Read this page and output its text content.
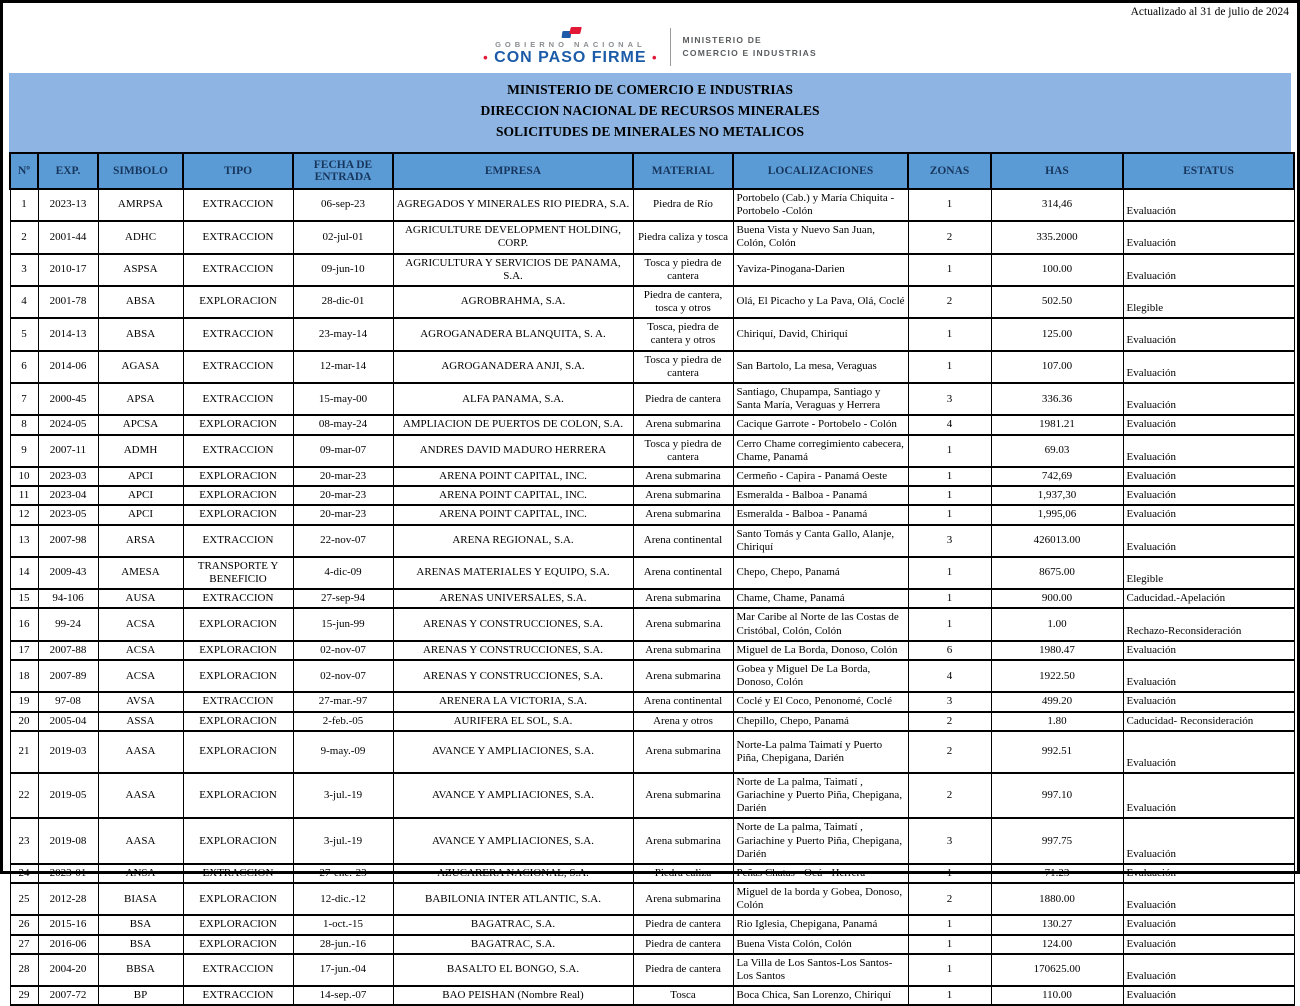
Actualizado al 31 de julio de 2024
GOBIERNO NACIONAL
• CON PASO FIRME •
MINISTERIO DE
COMERCIO E INDUSTRIAS
MINISTERIO DE COMERCIO E INDUSTRIAS
DIRECCION NACIONAL DE RECURSOS MINERALES
SOLICITUDES DE MINERALES NO METALICOS
Nº	EXP.	SIMBOLO	TIPO	FECHA DE ENTRADA	EMPRESA	MATERIAL	LOCALIZACIONES	ZONAS	HAS	ESTATUS
1	2023-13	AMRPSA	EXTRACCION	06-sep-23	AGREGADOS Y MINERALES RIO PIEDRA, S.A.	Piedra de Río	Portobelo (Cab.) y María Chiquita - Portobelo -Colón	1	314,46	Evaluación
2	2001-44	ADHC	EXTRACCION	02-jul-01	AGRICULTURE DEVELOPMENT HOLDING, CORP.	Piedra caliza y tosca	Buena Vista y Nuevo San Juan, Colón, Colón	2	335.2000	Evaluación
3	2010-17	ASPSA	EXTRACCION	09-jun-10	AGRICULTURA Y SERVICIOS DE PANAMA, S.A.	Tosca y piedra de cantera	Yaviza-Pinogana-Darien	1	100.00	Evaluación
4	2001-78	ABSA	EXPLORACION	28-dic-01	AGROBRAHMA, S.A.	Piedra de cantera, tosca y otros	Olá, El Picacho y La Pava, Olá, Coclé	2	502.50	Elegible
5	2014-13	ABSA	EXTRACCION	23-may-14	AGROGANADERA BLANQUITA, S. A.	Tosca, piedra de cantera y otros	Chiriquí, David, Chiriquí	1	125.00	Evaluación
6	2014-06	AGASA	EXTRACCION	12-mar-14	AGROGANADERA ANJI, S.A.	Tosca y piedra de cantera	San Bartolo, La mesa, Veraguas	1	107.00	Evaluación
7	2000-45	APSA	EXTRACCION	15-may-00	ALFA PANAMA, S.A.	Piedra de cantera	Santiago, Chupampa, Santiago y Santa María, Veraguas y Herrera	3	336.36	Evaluación
8	2024-05	APCSA	EXPLORACION	08-may-24	AMPLIACION DE PUERTOS DE COLON, S.A.	Arena submarina	Cacique Garrote - Portobelo - Colón	4	1981.21	Evaluación
9	2007-11	ADMH	EXTRACCION	09-mar-07	ANDRES DAVID MADURO HERRERA	Tosca y piedra de cantera	Cerro Chame corregimiento cabecera, Chame, Panamá	1	69.03	Evaluación
10	2023-03	APCI	EXPLORACION	20-mar-23	ARENA POINT CAPITAL, INC.	Arena submarina	Cermeño - Capira - Panamá Oeste	1	742,69	Evaluación
11	2023-04	APCI	EXPLORACION	20-mar-23	ARENA POINT CAPITAL, INC.	Arena submarina	Esmeralda - Balboa - Panamá	1	1,937,30	Evaluación
12	2023-05	APCI	EXPLORACION	20-mar-23	ARENA POINT CAPITAL, INC.	Arena submarina	Esmeralda - Balboa - Panamá	1	1,995,06	Evaluación
13	2007-98	ARSA	EXTRACCION	22-nov-07	ARENA REGIONAL, S.A.	Arena continental	Santo Tomás y Canta Gallo, Alanje, Chiriquí	3	426013.00	Evaluación
14	2009-43	AMESA	TRANSPORTE Y BENEFICIO	4-dic-09	ARENAS MATERIALES Y EQUIPO, S.A.	Arena continental	Chepo, Chepo, Panamá	1	8675.00	Elegible
15	94-106	AUSA	EXTRACCION	27-sep-94	ARENAS UNIVERSALES, S.A.	Arena submarina	Chame, Chame, Panamá	1	900.00	Caducidad.-Apelación
16	99-24	ACSA	EXPLORACION	15-jun-99	ARENAS Y CONSTRUCCIONES, S.A.	Arena submarina	Mar Caribe al Norte de las Costas de Cristóbal, Colón, Colón	1	1.00	Rechazo-Reconsideración
17	2007-88	ACSA	EXPLORACION	02-nov-07	ARENAS Y CONSTRUCCIONES, S.A.	Arena submarina	Miguel de La Borda, Donoso, Colón	6	1980.47	Evaluación
18	2007-89	ACSA	EXPLORACION	02-nov-07	ARENAS Y CONSTRUCCIONES, S.A.	Arena submarina	Gobea y Miguel De La Borda, Donoso, Colón	4	1922.50	Evaluación
19	97-08	AVSA	EXTRACCION	27-mar.-97	ARENERA LA VICTORIA, S.A.	Arena continental	Coclé y El Coco, Penonomé, Coclé	3	499.20	Evaluación
20	2005-04	ASSA	EXPLORACION	2-feb.-05	AURIFERA EL SOL, S.A.	Arena y otros	Chepillo, Chepo, Panamá	2	1.80	Caducidad- Reconsideración
21	2019-03	AASA	EXPLORACION	9-may.-09	AVANCE Y AMPLIACIONES, S.A.	Arena submarina	Norte-La palma Taimatí y Puerto Piña, Chepigana, Darién	2	992.51	Evaluación
22	2019-05	AASA	EXPLORACION	3-jul.-19	AVANCE Y AMPLIACIONES, S.A.	Arena submarina	Norte de La palma, Taimatí , Gariachine y Puerto Piña, Chepigana, Darién	2	997.10	Evaluación
23	2019-08	AASA	EXPLORACION	3-jul.-19	AVANCE Y AMPLIACIONES, S.A.	Arena submarina	Norte de La palma, Taimatí , Gariachine y Puerto Piña, Chepigana, Darién	3	997.75	Evaluación
24	2023-01	ANSA	EXTRACCION	27-ene.-23	AZUCARERA NACIONAL, S.A.	Piedra caliza	Peñas Chatas - Ocú - Herrera	1	71.23	Evaluación
25	2012-28	BIASA	EXPLORACION	12-dic.-12	BABILONIA INTER ATLANTIC, S.A.	Arena submarina	Miguel de la borda y Gobea, Donoso, Colón	2	1880.00	Evaluación
26	2015-16	BSA	EXPLORACION	1-oct.-15	BAGATRAC, S.A.	Piedra de cantera	Rio Iglesia, Chepigana, Panamá	1	130.27	Evaluación
27	2016-06	BSA	EXPLORACION	28-jun.-16	BAGATRAC, S.A.	Piedra de cantera	Buena Vista Colón, Colón	1	124.00	Evaluación
28	2004-20	BBSA	EXTRACCION	17-jun.-04	BASALTO EL BONGO, S.A.	Piedra de cantera	La Villa de Los Santos-Los Santos-Los Santos	1	170625.00	Evaluación
29	2007-72	BP	EXTRACCION	14-sep.-07	BAO PEISHAN (Nombre Real)	Tosca	Boca Chica, San Lorenzo, Chiriquí	1	110.00	Evaluación
